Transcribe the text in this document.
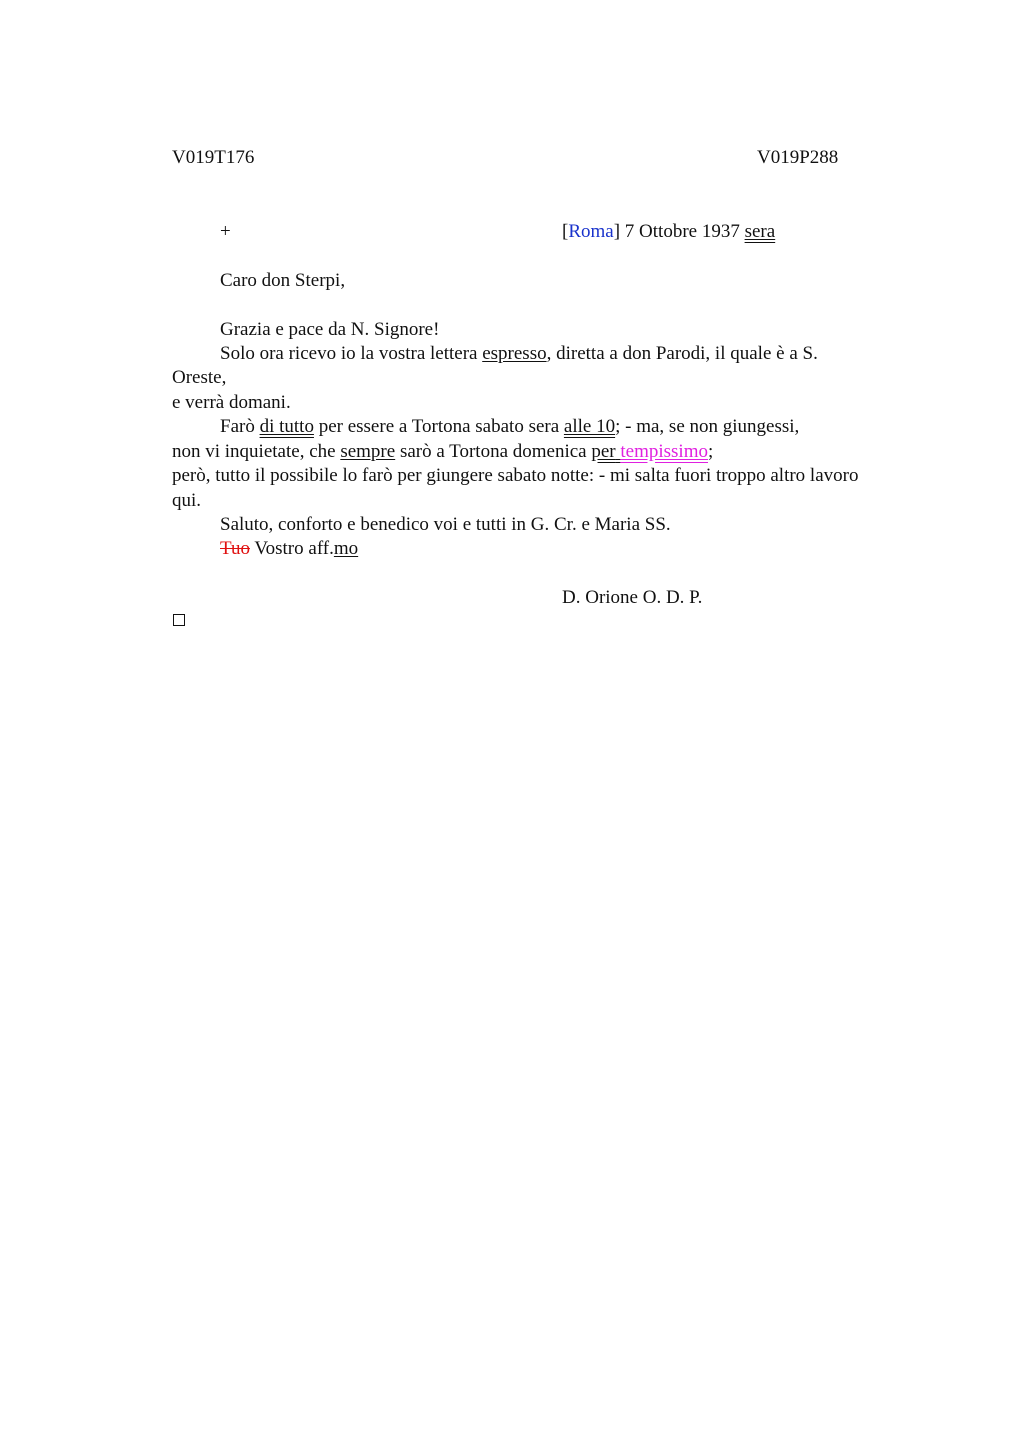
V019T176	V019P288
+	[Roma] 7 Ottobre 1937 sera
Caro don Sterpi,
Grazia e pace da N. Signore!
Solo ora ricevo io la vostra lettera espresso, diretta a don Parodi, il quale è a S.
Oreste,
e verrà domani.
Farò di tutto per essere a Tortona sabato sera alle 10; - ma, se non giungessi,
non vi inquietate, che sempre sarò a Tortona domenica per tempissimo;
però, tutto il possibile lo farò per giungere sabato notte: - mi salta fuori troppo altro lavoro
qui.
Saluto, conforto e benedico voi e tutti in G. Cr. e Maria SS.
Tuo Vostro aff.mo
D. Orione O. D. P.
